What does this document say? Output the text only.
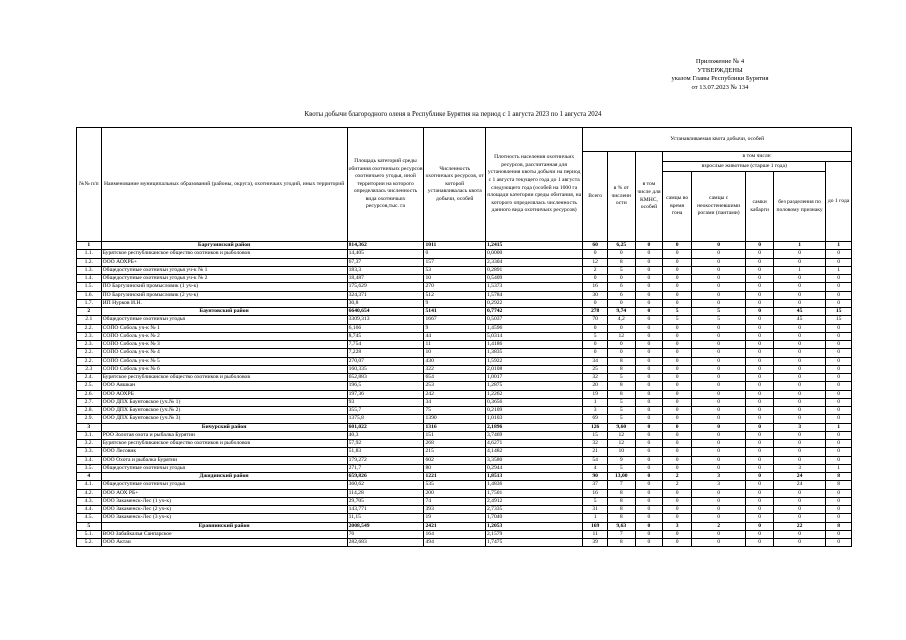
Приложение № 4
УТВЕРЖДЕНЫ
указом Главы Республики Бурятия
от 13.07.2023 № 134
Квоты добычи благородного оленя в Республике Бурятия на период с 1 августа 2023 по 1 августа 2024
№№ п/п	Наименование муниципальных образований (районы, округа), охотничьих угодий, иных территорий	Площадь категорий среды обитания охотничьих ресурсов охотничьего угодья, иной территории на которого определялась численность вида охотничьих ресурсов,тыс. га	Численность охотничьих ресурсов, от которой устанавливалась квота добычи, особей	Плотность населения охотничьих ресурсов, рассчитанная для установления квоты добычи на период с 1 августа текущего года до 1 августа следующего года (особей на 1000 га площади категории среды обитания, на которого определялась численность данного вида охотничьих ресурсов)	Устанавливаемая квота добычи, особей							
					Всего	в % от численн ости	в том числе для КМНС, особей	в том числе:				
								взрослые животные (старше 1 года)				до 1 года
								самцы во время гона	самцы с неокостеневшими рогами (пантами)	самки кабарги	без разделения по половому признаку	
1	Баргузинский район	814,362	1011	1,2415	60	6,25	0	0	0	0	1	1
1.1.	Бурятское республиканское общество охотников и рыболовов	14,405	0	0,0000	0	0	0	0	0	0	0	0
1.2.	ООО АОХРБ+	67,37	157	2,3304	12	8	0	0	0	0	0	0
1.3.	Общедоступные охотничьи угодья уч-к № 1	183,3	53	0,2891	2	5	0	0	0	0	1	1
1.4.	Общедоступные охотничьи угодья уч-к № 2	18,487	10	0,5409	0	0	0	0	0	0	0	0
1.5.	ПО Баргузинский промысловик (1 уч-к)	175,629	270	1,5373	16	6	0	0	0	0	0	0
1.6.	ПО Баргузинский промысловик (2 уч-к)	324,371	512	1,5784	30	6	0	0	0	0	0	0
1.7.	ИП Нурков И.Н.	30,8	9	0,2922	0	0	0	0	0	0	0	0
2	Баунтовский район	6640,654	5141	0,7742	278	9,74	0	5	5	0	45	15
2.1	Общедоступные охотничьи угодья	3309,313	1667	0,5037	70	4,2	0	5	5	0	45	15
2.2.	СОПО Соболь уч-к № 1	6,166	9	1,4596	0	0	0	0	0	0	0	0
2.3.	СОПО Соболь уч-к № 2	8,745	44	5,0314	5	12	0	0	0	0	0	0
2.3.	СОПО Соболь уч-к № 3	7,754	11	1,4186	0	0	0	0	0	0	0	0
2.2.	СОПО Соболь уч-к № 4	7,228	10	1,3835	0	0	0	0	0	0	0	0
2.2.	СОПО Соболь уч-к № 5	270,07	430	1,5922	34	8	0	0	0	0	0	0
2.3	СОПО Соболь уч-к № 6	160,335	322	2,0108	25	8	0	0	0	0	0	0
2.4.	Бурятское республиканское общество охотников и рыболовов	652,883	654	1,0017	32	5	0	0	0	0	0	0
2.5.	ООО Аяшкан	196,5	253	1,2875	20	8	0	0	0	0	0	0
2.6.	ООО АОХРБ	197,36	242	1,2262	19	8	0	0	0	0	0	0
2.7.	ООО ДПХ Баунтовское (уч.№ 1)	93	34	0,3656	1	5	0	0	0	0	0	0
2.8.	ООО ДПХ Баунтовское (уч.№ 2)	355,7	75	0,2109	3	5	0	0	0	0	0	0
2.9.	ООО ДПХ Баунтовское (уч.№ 3)	1375,8	1390	1,0103	69	5	0	0	0	0	0	0
3	Бичурский район	601,022	1316	2,1896	126	9,60	0	0	0	0	3	1
3.1.	РОО Золотая охота и рыбалка Бурятии	40,3	151	3,7469	15	12	0	0	0	0	0	0
3.2.	Бурятское республиканское общество охотников и рыболовов	57,92	268	4,6271	32	12	0	0	0	0	0	0
3.3.	ООО Лесовик	51,83	215	4,1482	21	10	0	0	0	0	0	0
3.4.	ООО Охота и рыбалка Бурятии	179,272	602	3,3580	54	9	0	0	0	0	0	0
3.5.	Общедоступные охотничьи угодья	271,7	80	0,2944	4	5	0	0	0	0	3	1
4	Джидинский район	659,826	1221	1,8513	90	13,00	0	2	3	0	24	8
4.1.	Общедоступные охотничьи угодья	360,62	535	1,4836	37	7	0	2	3	0	24	8
4.2.	ООО АОХ РБ+	114,28	200	1,7501	16	8	0	0	0	0	0	0
4.3.	ООО Закаменск-Лес (1 уч-к)	29,705	74	2,4912	5	8	0	0	0	0	0	0
4.4.	ООО Закаменск-Лес (2 уч-к)	143,771	393	2,7335	31	8	0	0	0	0	0	0
4.5.	ООО Закаменск-Лес (3 уч-к)	11,15	19	1,7040	1	8	0	0	0	0	0	0
5	Еравнинский район	2008,549	2421	1,2053	169	9,63	0	3	2	0	22	8
5.1.	ВОО Забайкалья Санпарское	76	164	2,1579	11	7	0	0	0	0	0	0
5.2.	ООО Актаи	282,683	494	1,7475	39	8	0	0	0	0	0	0
